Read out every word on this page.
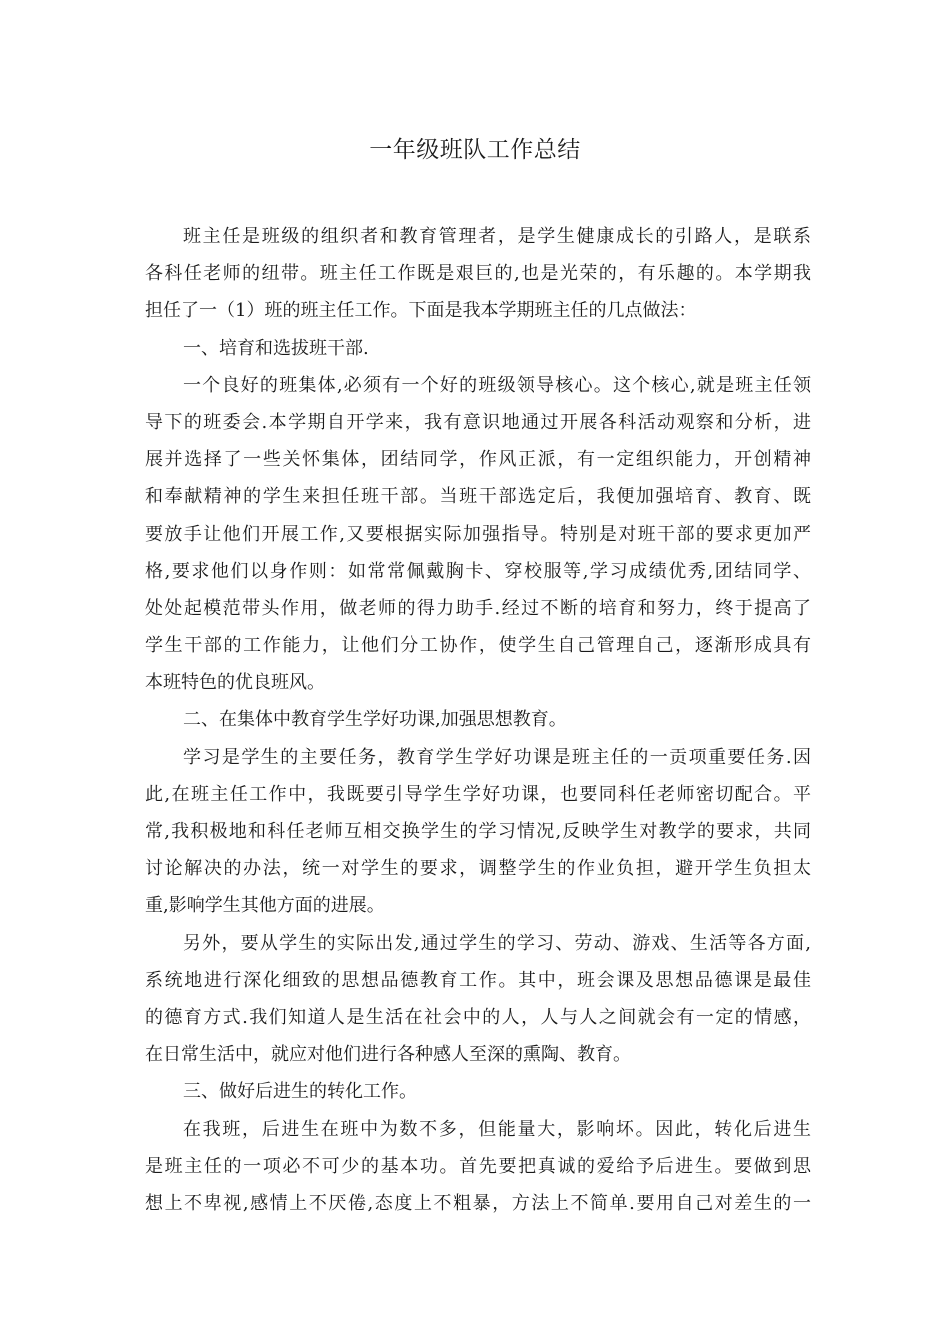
一年级班队工作总结
班主任是班级的组织者和教育管理者，是学生健康成长的引路人，是联系
各科任老师的纽带。班主任工作既是艰巨的,也是光荣的，有乐趣的。本学期我
担任了一（1）班的班主任工作。下面是我本学期班主任的几点做法：
一、培育和选拔班干部.
一个良好的班集体,必须有一个好的班级领导核心。这个核心,就是班主任领
导下的班委会.本学期自开学来，我有意识地通过开展各科活动观察和分析，进
展并选择了一些关怀集体，团结同学，作风正派，有一定组织能力，开创精神
和奉献精神的学生来担任班干部。当班干部选定后，我便加强培育、教育、既
要放手让他们开展工作,又要根据实际加强指导。特别是对班干部的要求更加严
格,要求他们以身作则：如常常佩戴胸卡、穿校服等,学习成绩优秀,团结同学、
处处起模范带头作用，做老师的得力助手.经过不断的培育和努力，终于提高了
学生干部的工作能力，让他们分工协作，使学生自己管理自己，逐渐形成具有
本班特色的优良班风。
二、在集体中教育学生学好功课,加强思想教育。
学习是学生的主要任务，教育学生学好功课是班主任的一贡项重要任务.因
此,在班主任工作中，我既要引导学生学好功课，也要同科任老师密切配合。平
常,我积极地和科任老师互相交换学生的学习情况,反映学生对教学的要求，共同
讨论解决的办法，统一对学生的要求，调整学生的作业负担，避开学生负担太
重,影响学生其他方面的进展。
另外，要从学生的实际出发,通过学生的学习、劳动、游戏、生活等各方面,
系统地进行深化细致的思想品德教育工作。其中，班会课及思想品德课是最佳
的德育方式.我们知道人是生活在社会中的人，人与人之间就会有一定的情感，
在日常生活中，就应对他们进行各种感人至深的熏陶、教育。
三、做好后进生的转化工作。
在我班，后进生在班中为数不多，但能量大，影响坏。因此，转化后进生
是班主任的一项必不可少的基本功。首先要把真诚的爱给予后进生。要做到思
想上不卑视,感情上不厌倦,态度上不粗暴，方法上不简单.要用自己对差生的一
